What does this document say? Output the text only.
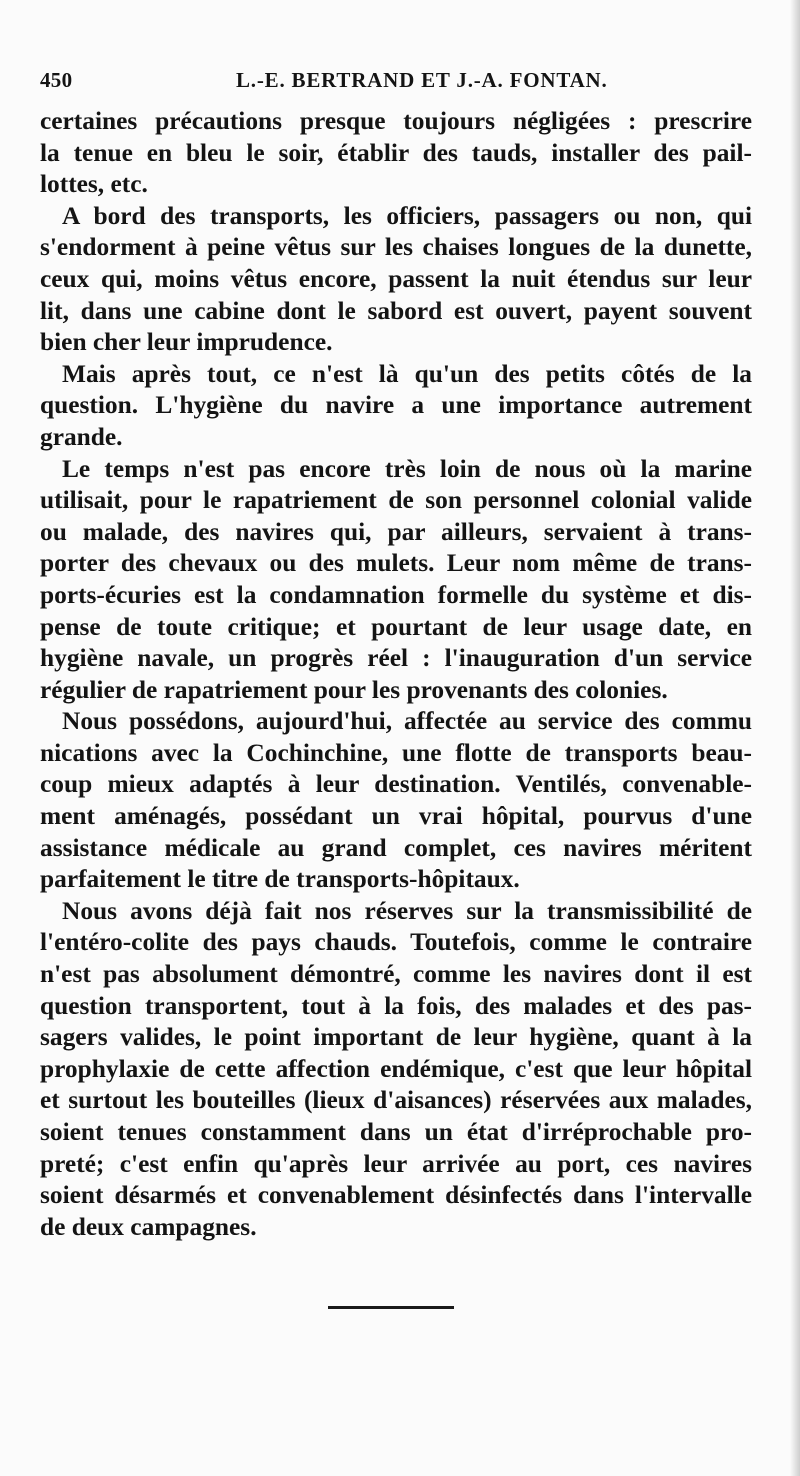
450	L.-E. BERTRAND ET J.-A. FONTAN.
certaines précautions presque toujours négligées : prescrire
la tenue en bleu le soir, établir des tauds, installer des pail-
lottes, etc.
A bord des transports, les officiers, passagers ou non, qui
s'endorment à peine vêtus sur les chaises longues de la dunette,
ceux qui, moins vêtus encore, passent la nuit étendus sur leur
lit, dans une cabine dont le sabord est ouvert, payent souvent
bien cher leur imprudence.
Mais après tout, ce n'est là qu'un des petits côtés de la
question. L'hygiène du navire a une importance autrement
grande.
Le temps n'est pas encore très loin de nous où la marine
utilisait, pour le rapatriement de son personnel colonial valide
ou malade, des navires qui, par ailleurs, servaient à trans-
porter des chevaux ou des mulets. Leur nom même de trans-
ports-écuries est la condamnation formelle du système et dis-
pense de toute critique; et pourtant de leur usage date, en
hygiène navale, un progrès réel : l'inauguration d'un service
régulier de rapatriement pour les provenants des colonies.
Nous possédons, aujourd'hui, affectée au service des commu
nications avec la Cochinchine, une flotte de transports beau-
coup mieux adaptés à leur destination. Ventilés, convenable-
ment aménagés, possédant un vrai hôpital, pourvus d'une
assistance médicale au grand complet, ces navires méritent
parfaitement le titre de transports-hôpitaux.
Nous avons déjà fait nos réserves sur la transmissibilité de
l'entéro-colite des pays chauds. Toutefois, comme le contraire
n'est pas absolument démontré, comme les navires dont il est
question transportent, tout à la fois, des malades et des pas-
sagers valides, le point important de leur hygiène, quant à la
prophylaxie de cette affection endémique, c'est que leur hôpital
et surtout les bouteilles (lieux d'aisances) réservées aux malades,
soient tenues constamment dans un état d'irréprochable pro-
preté; c'est enfin qu'après leur arrivée au port, ces navires
soient désarmés et convenablement désinfectés dans l'intervalle
de deux campagnes.
